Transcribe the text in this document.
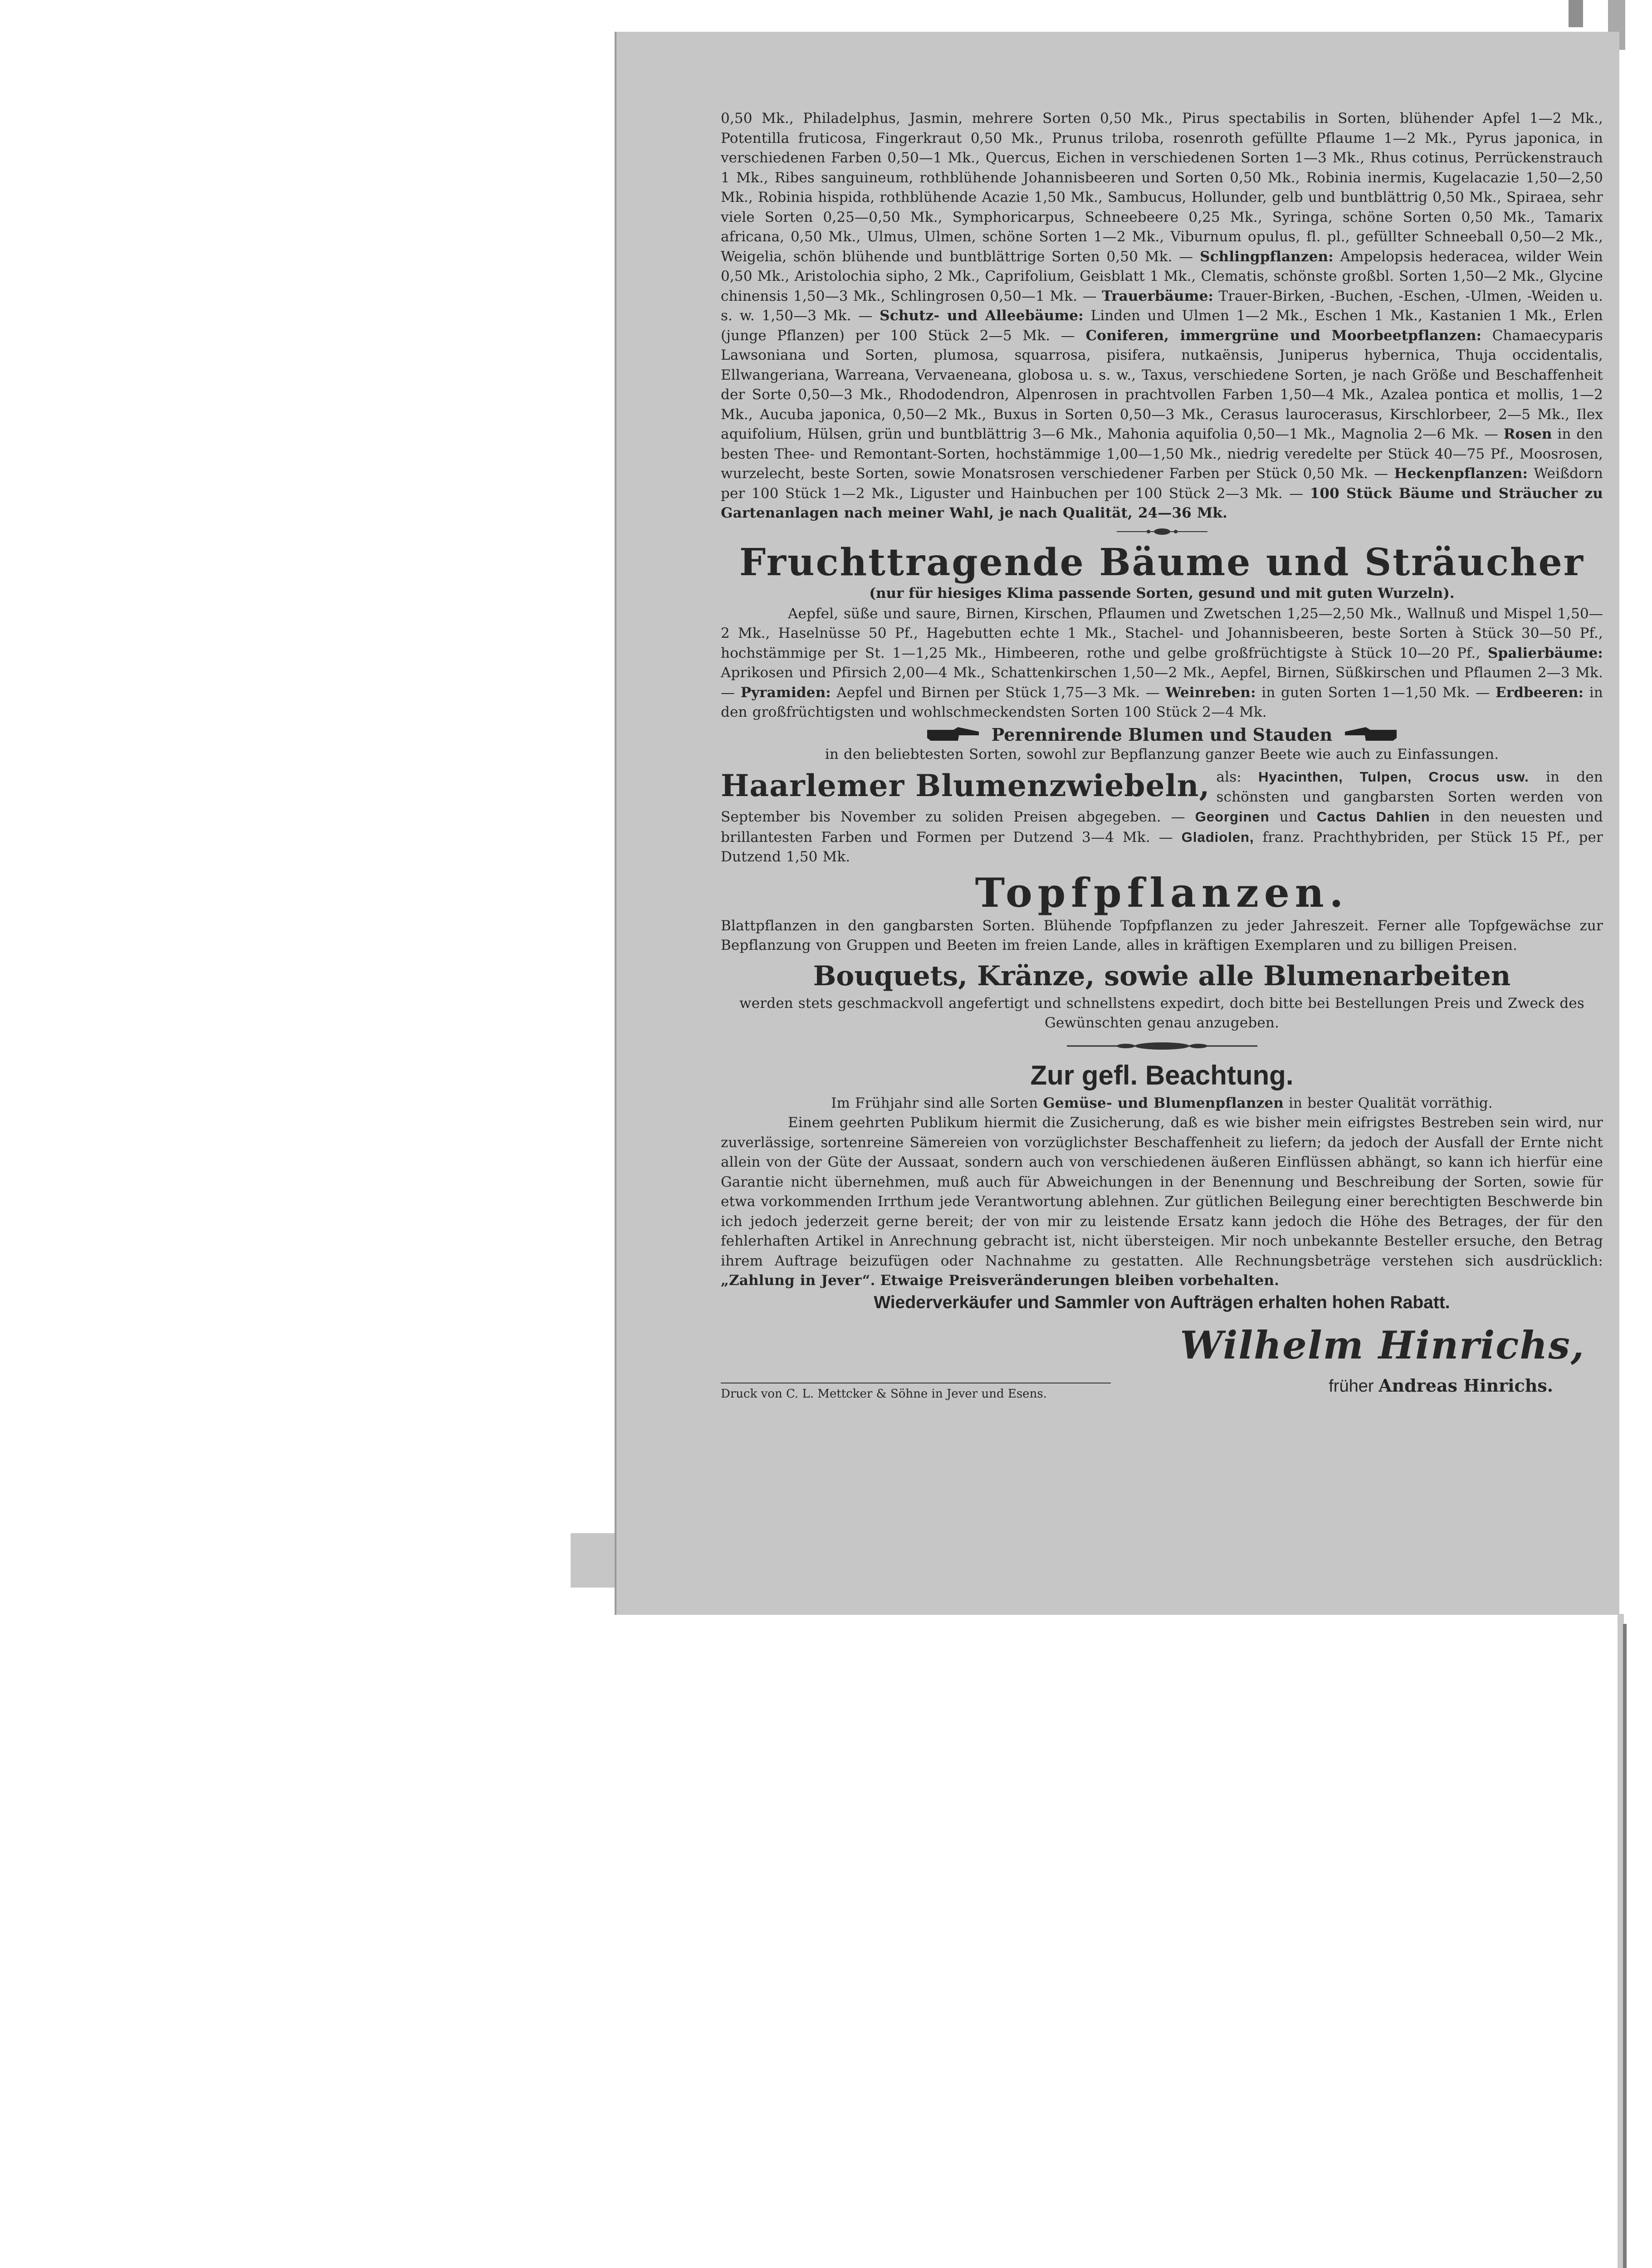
0,50 Mk., Philadelphus, Jasmin, mehrere Sorten 0,50 Mk., Pirus spectabilis in Sorten, blühender Apfel 1—2 Mk., Potentilla fruticosa, Fingerkraut 0,50 Mk., Prunus triloba, rosenroth gefüllte Pflaume 1—2 Mk., Pyrus japonica, in verschiedenen Farben 0,50—1 Mk., Quercus, Eichen in verschiedenen Sorten 1—3 Mk., Rhus cotinus, Perrückenstrauch 1 Mk., Ribes sanguineum, rothblühende Johannisbeeren und Sorten 0,50 Mk., Robinia inermis, Kugelacazie 1,50—2,50 Mk., Robinia hispida, rothblühende Acazie 1,50 Mk., Sambucus, Hollunder, gelb und buntblättrig 0,50 Mk., Spiraea, sehr viele Sorten 0,25—0,50 Mk., Symphoricarpus, Schneebeere 0,25 Mk., Syringa, schöne Sorten 0,50 Mk., Tamarix africana, 0,50 Mk., Ulmus, Ulmen, schöne Sorten 1—2 Mk., Viburnum opulus, fl. pl., gefüllter Schneeball 0,50—2 Mk., Weigelia, schön blühende und buntblättrige Sorten 0,50 Mk. — Schlingpflanzen: Ampelopsis hederacea, wilder Wein 0,50 Mk., Aristolochia sipho, 2 Mk., Caprifolium, Geisblatt 1 Mk., Clematis, schönste großbl. Sorten 1,50—2 Mk., Glycine chinensis 1,50—3 Mk., Schlingrosen 0,50—1 Mk. — Trauerbäume: Trauer-Birken, -Buchen, -Eschen, -Ulmen, -Weiden u. s. w. 1,50—3 Mk. — Schutz- und Alleebäume: Linden und Ulmen 1—2 Mk., Eschen 1 Mk., Kastanien 1 Mk., Erlen (junge Pflanzen) per 100 Stück 2—5 Mk. — Coniferen, immergrüne und Moorbeetpflanzen: Chamaecyparis Lawsoniana und Sorten, plumosa, squarrosa, pisifera, nutkaënsis, Juniperus hybernica, Thuja occidentalis, Ellwangeriana, Warreana, Vervaeneana, globosa u. s. w., Taxus, verschiedene Sorten, je nach Größe und Beschaffenheit der Sorte 0,50—3 Mk., Rhododendron, Alpenrosen in prachtvollen Farben 1,50—4 Mk., Azalea pontica et mollis, 1—2 Mk., Aucuba japonica, 0,50—2 Mk., Buxus in Sorten 0,50—3 Mk., Cerasus laurocerasus, Kirschlorbeer, 2—5 Mk., Ilex aquifolium, Hülsen, grün und buntblättrig 3—6 Mk., Mahonia aquifolia 0,50—1 Mk., Magnolia 2—6 Mk. — Rosen in den besten Thee- und Remontant-Sorten, hochstämmige 1,00—1,50 Mk., niedrig veredelte per Stück 40—75 Pf., Moosrosen, wurzelecht, beste Sorten, sowie Monatsrosen verschiedener Farben per Stück 0,50 Mk. — Heckenpflanzen: Weißdorn per 100 Stück 1—2 Mk., Liguster und Hainbuchen per 100 Stück 2—3 Mk. — 100 Stück Bäume und Sträucher zu Gartenanlagen nach meiner Wahl, je nach Qualität, 24—36 Mk.

Fruchttragende Bäume und Sträucher
(nur für hiesiges Klima passende Sorten, gesund und mit guten Wurzeln).

Aepfel, süße und saure, Birnen, Kirschen, Pflaumen und Zwetschen 1,25—2,50 Mk., Wallnuß und Mispel 1,50—2 Mk., Haselnüsse 50 Pf., Hagebutten echte 1 Mk., Stachel- und Johannisbeeren, beste Sorten à Stück 30—50 Pf., hochstämmige per St. 1—1,25 Mk., Himbeeren, rothe und gelbe großfrüchtigste à Stück 10—20 Pf., Spalierbäume: Aprikosen und Pfirsich 2,00—4 Mk., Schattenkirschen 1,50—2 Mk., Aepfel, Birnen, Süßkirschen und Pflaumen 2—3 Mk. — Pyramiden: Aepfel und Birnen per Stück 1,75—3 Mk. — Weinreben: in guten Sorten 1—1,50 Mk. — Erdbeeren: in den großfrüchtigsten und wohlschmeckendsten Sorten 100 Stück 2—4 Mk.

Perennirende Blumen und Stauden

in den beliebtesten Sorten, sowohl zur Bepflanzung ganzer Beete wie auch zu Einfassungen.

Haarlemer Blumenzwiebeln, als: Hyacinthen, Tulpen, Crocus usw. in den schönsten und gangbarsten Sorten werden von September bis November zu soliden Preisen abgegeben. — Georginen und Cactus Dahlien in den neuesten und brillantesten Farben und Formen per Dutzend 3—4 Mk. — Gladiolen, franz. Prachthybriden, per Stück 15 Pf., per Dutzend 1,50 Mk.

Topfpflanzen.

Blattpflanzen in den gangbarsten Sorten. Blühende Topfpflanzen zu jeder Jahreszeit. Ferner alle Topfgewächse zur Bepflanzung von Gruppen und Beeten im freien Lande, alles in kräftigen Exemplaren und zu billigen Preisen.

Bouquets, Kränze, sowie alle Blumenarbeiten

werden stets geschmackvoll angefertigt und schnellstens expedirt, doch bitte bei Bestellungen Preis und Zweck des Gewünschten genau anzugeben.

Zur gefl. Beachtung.

Im Frühjahr sind alle Sorten Gemüse- und Blumenpflanzen in bester Qualität vorräthig.

Einem geehrten Publikum hiermit die Zusicherung, daß es wie bisher mein eifrigstes Bestreben sein wird, nur zuverlässige, sortenreine Sämereien von vorzüglichster Beschaffenheit zu liefern; da jedoch der Ausfall der Ernte nicht allein von der Güte der Aussaat, sondern auch von verschiedenen äußeren Einflüssen abhängt, so kann ich hierfür eine Garantie nicht übernehmen, muß auch für Abweichungen in der Benennung und Beschreibung der Sorten, sowie für etwa vorkommenden Irrthum jede Verantwortung ablehnen. Zur gütlichen Beilegung einer berechtigten Beschwerde bin ich jedoch jederzeit gerne bereit; der von mir zu leistende Ersatz kann jedoch die Höhe des Betrages, der für den fehlerhaften Artikel in Anrechnung gebracht ist, nicht übersteigen. Mir noch unbekannte Besteller ersuche, den Betrag ihrem Auftrage beizufügen oder Nachnahme zu gestatten. Alle Rechnungsbeträge verstehen sich ausdrücklich: „Zahlung in Jever“. Etwaige Preisveränderungen bleiben vorbehalten.

Wiederverkäufer und Sammler von Aufträgen erhalten hohen Rabatt.
Wilhelm Hinrichs,
früher Andreas Hinrichs.
Druck von C. L. Mettcker & Söhne in Jever und Esens.
